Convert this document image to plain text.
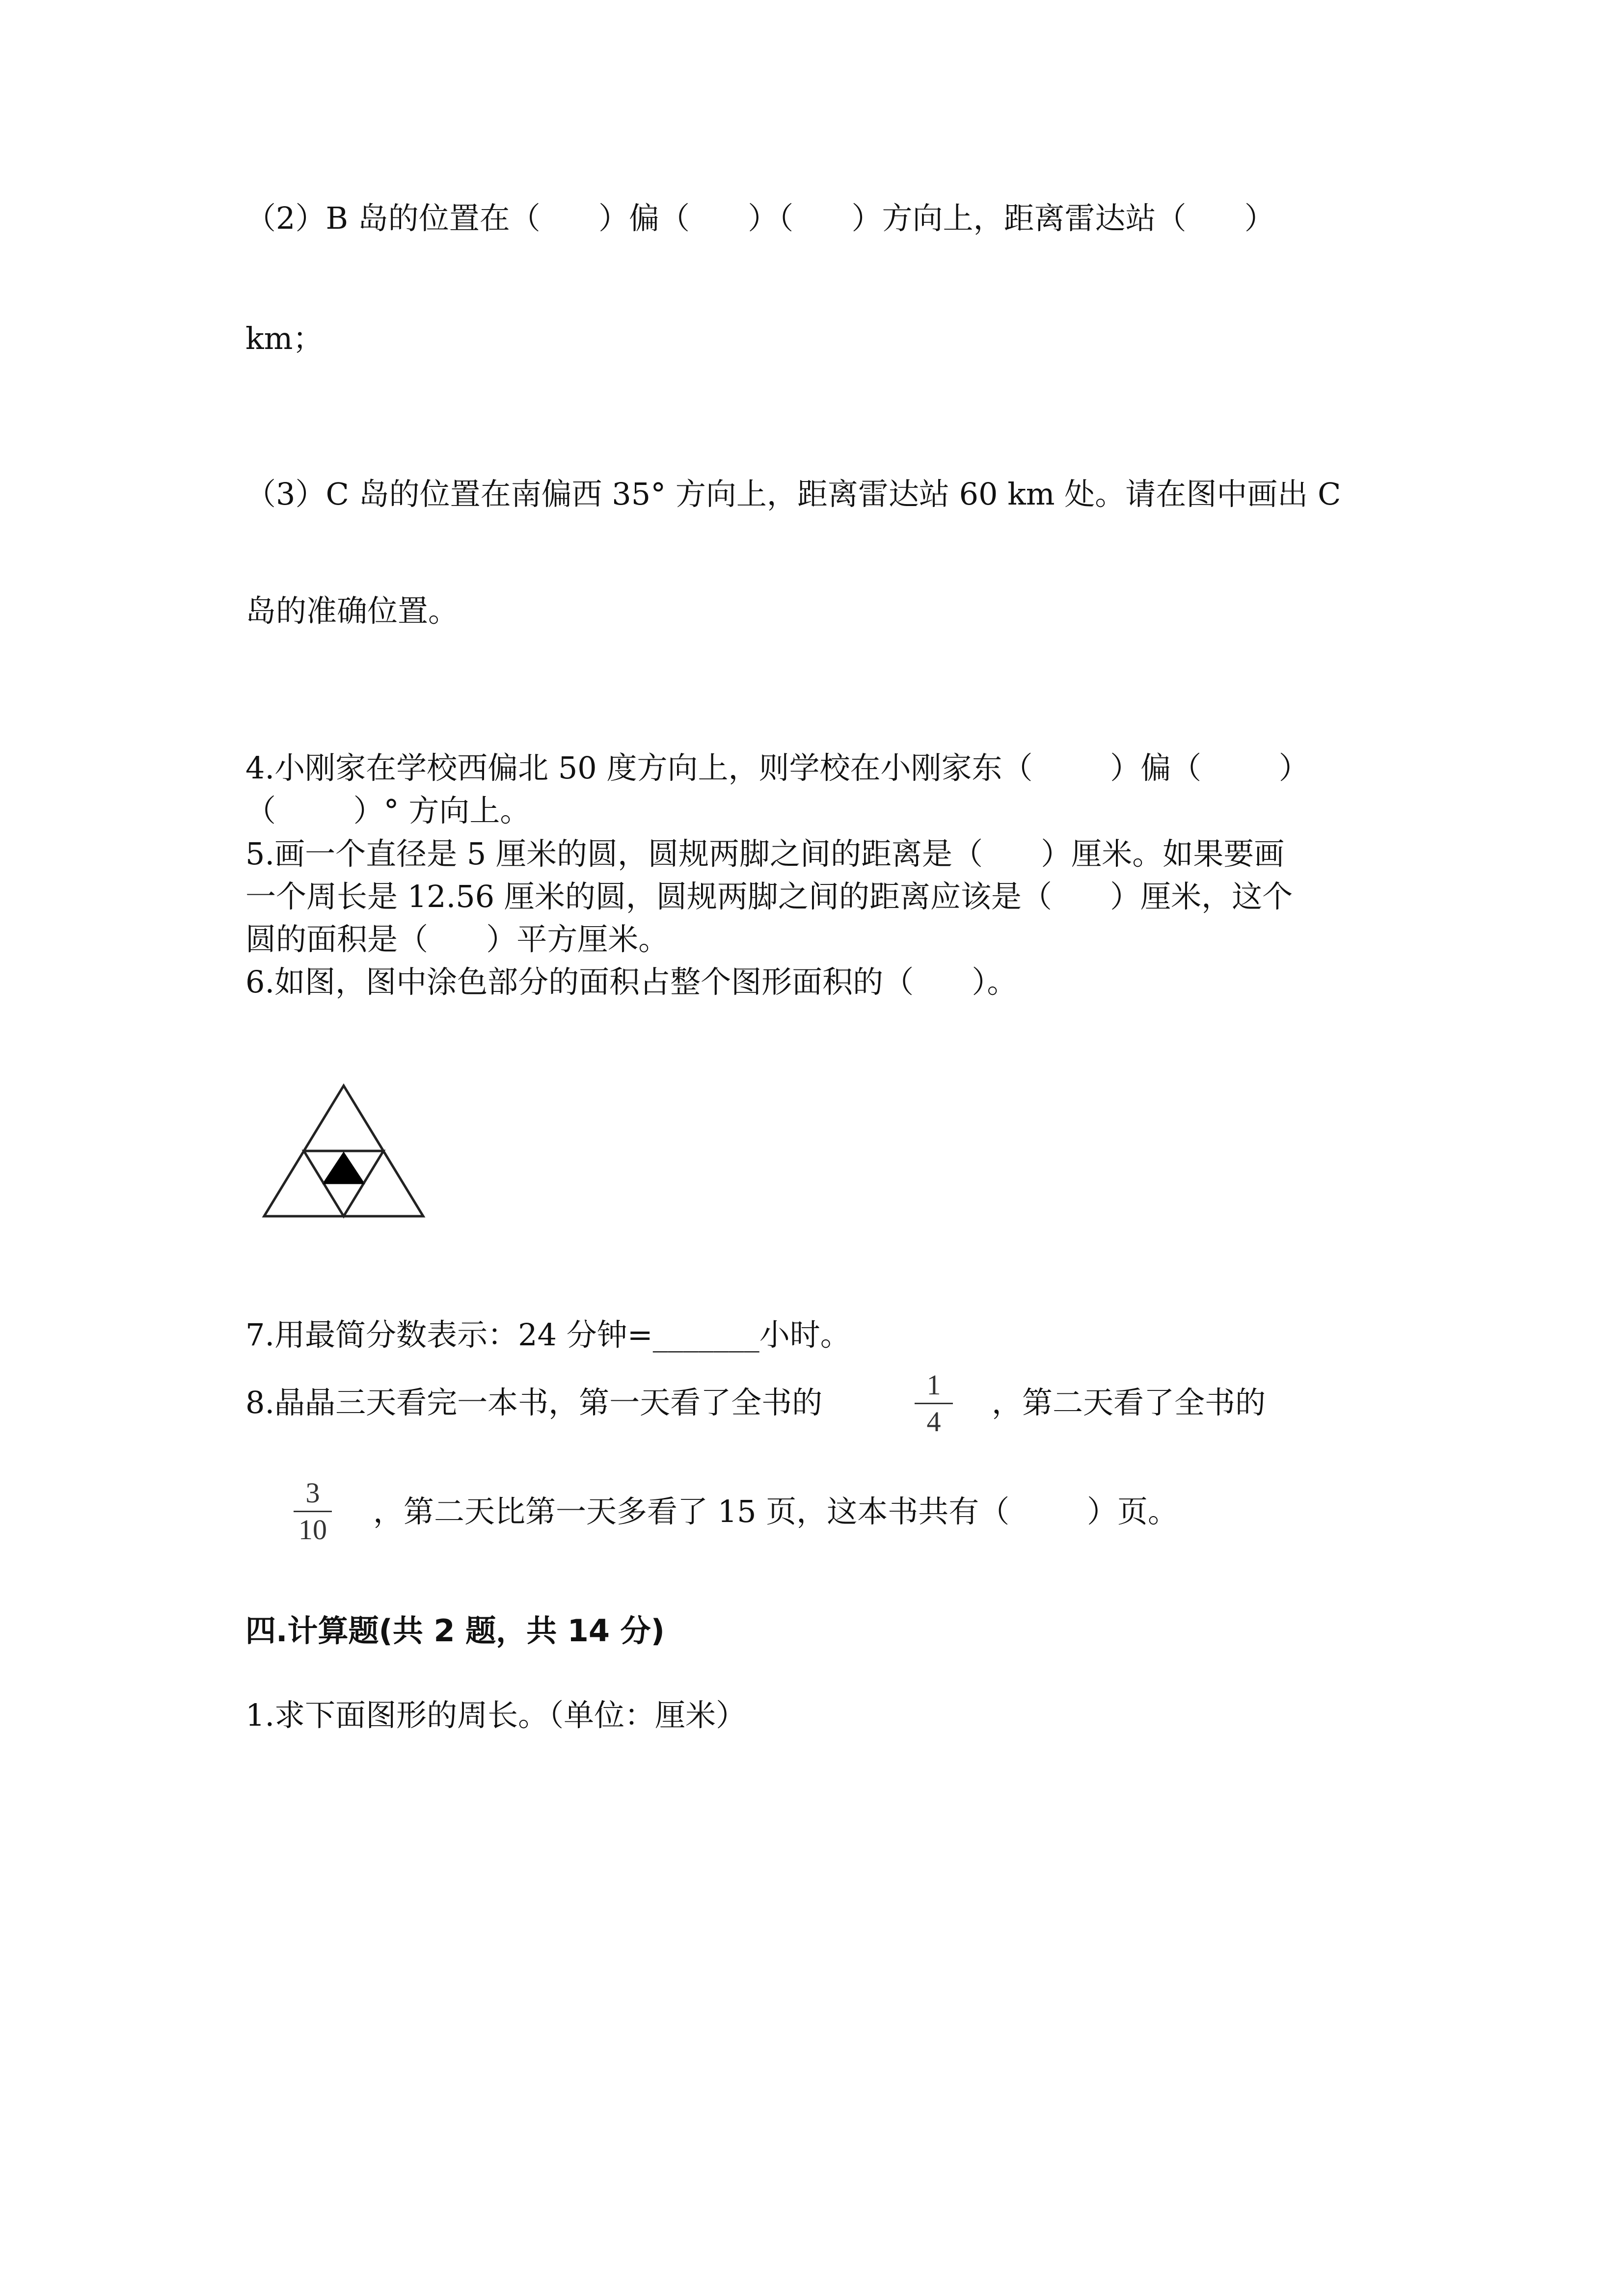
（2）B 岛的位置在（      ）偏（      ）（      ）方向上，距离雷达站（      ）
km；
（3）C 岛的位置在南偏西 35° 方向上，距离雷达站 60 km 处。请在图中画出 C
岛的准确位置。
4.小刚家在学校西偏北 50 度方向上，则学校在小刚家东（        ）偏（        ）
（        ）° 方向上。
5.画一个直径是 5 厘米的圆，圆规两脚之间的距离是（      ）厘米。如果要画
一个周长是 12.56 厘米的圆，圆规两脚之间的距离应该是（      ）厘米，这个
圆的面积是（      ）平方厘米。
6.如图，图中涂色部分的面积占整个图形面积的（      ）。
7.用最简分数表示：24 分钟=_______小时。
8.晶晶三天看完一本书，第一天看了全书的	1
4
，第二天看了全书的
3
10
，第二天比第一天多看了 15 页，这本书共有（        ）页。
四.计算题(共 2 题，共 14 分)
1.求下面图形的周长。（单位：厘米）
